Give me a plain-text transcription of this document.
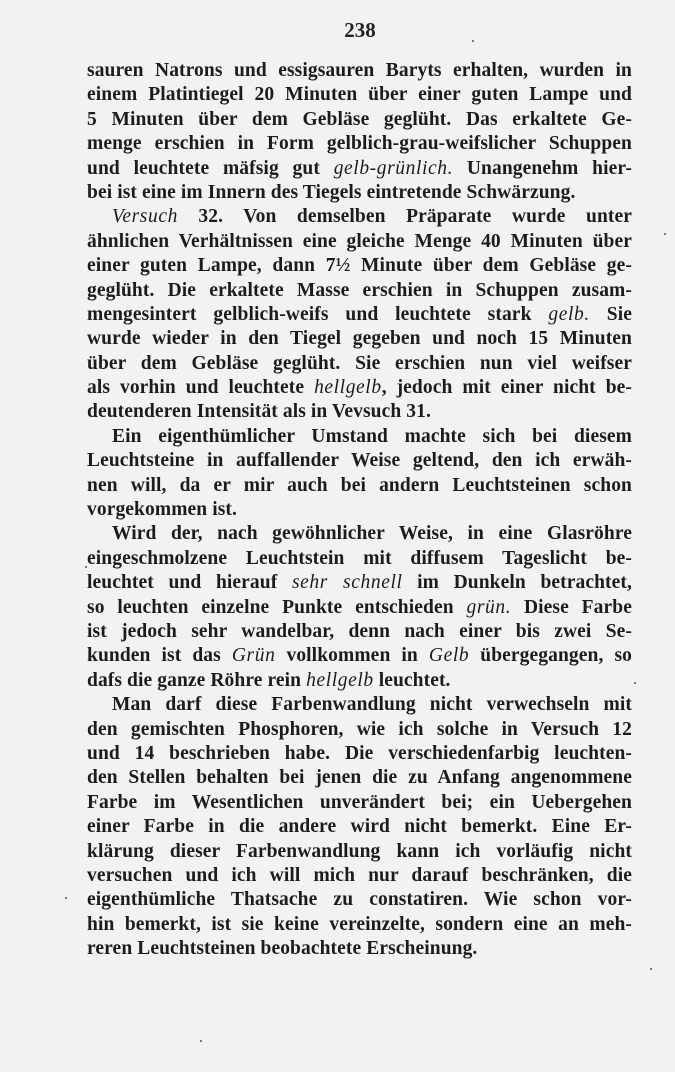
238
sauren Natrons und essigsauren Baryts erhalten, wurden in
einem Platintiegel 20 Minuten über einer guten Lampe und
5 Minuten über dem Gebläse geglüht. Das erkaltete Ge-
menge erschien in Form gelblich-grau-weifslicher Schuppen
und leuchtete mäfsig gut gelb-grünlich. Unangenehm hier-
bei ist eine im Innern des Tiegels eintretende Schwärzung.
Versuch 32. Von demselben Präparate wurde unter
ähnlichen Verhältnissen eine gleiche Menge 40 Minuten über
einer guten Lampe, dann 7½ Minute über dem Gebläse ge-
geglüht. Die erkaltete Masse erschien in Schuppen zusam-
mengesintert gelblich-weifs und leuchtete stark gelb. Sie
wurde wieder in den Tiegel gegeben und noch 15 Minuten
über dem Gebläse geglüht. Sie erschien nun viel weifser
als vorhin und leuchtete hellgelb, jedoch mit einer nicht be-
deutenderen Intensität als in Vevsuch 31.
Ein eigenthümlicher Umstand machte sich bei diesem
Leuchtsteine in auffallender Weise geltend, den ich erwäh-
nen will, da er mir auch bei andern Leuchtsteinen schon
vorgekommen ist.
Wird der, nach gewöhnlicher Weise, in eine Glasröhre
eingeschmolzene Leuchtstein mit diffusem Tageslicht be-
leuchtet und hierauf sehr schnell im Dunkeln betrachtet,
so leuchten einzelne Punkte entschieden grün. Diese Farbe
ist jedoch sehr wandelbar, denn nach einer bis zwei Se-
kunden ist das Grün vollkommen in Gelb übergegangen, so
dafs die ganze Röhre rein hellgelb leuchtet.
Man darf diese Farbenwandlung nicht verwechseln mit
den gemischten Phosphoren, wie ich solche in Versuch 12
und 14 beschrieben habe. Die verschiedenfarbig leuchten-
den Stellen behalten bei jenen die zu Anfang angenommene
Farbe im Wesentlichen unverändert bei; ein Uebergehen
einer Farbe in die andere wird nicht bemerkt. Eine Er-
klärung dieser Farbenwandlung kann ich vorläufig nicht
versuchen und ich will mich nur darauf beschränken, die
eigenthümliche Thatsache zu constatiren. Wie schon vor-
hin bemerkt, ist sie keine vereinzelte, sondern eine an meh-
reren Leuchtsteinen beobachtete Erscheinung.
